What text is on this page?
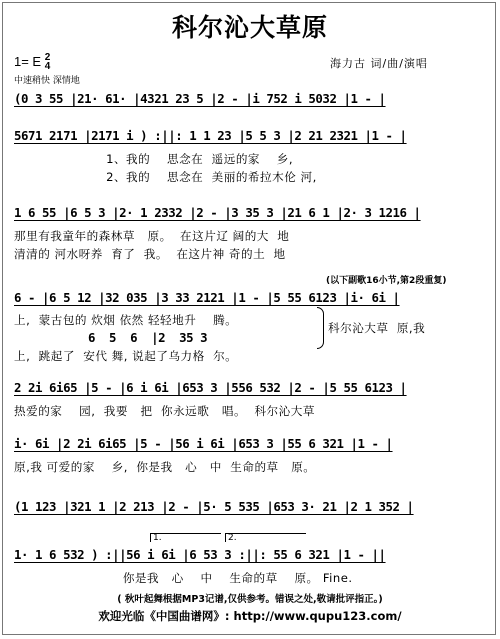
科尔沁大草原
1= E 2
4
中速稍快 深情地
海力古 词/曲/演唱
(0 3 55 |21· 61· |4321 23 5 |2 - |i 752 i 5032 |1 - |
5671 2171 |2171 i ) :||: 1 1 23 |5 5 3 |2 21 2321 |1 - |
1、我的    思念在  遥远的家    乡,
2、我的    思念在  美丽的希拉木伦 河,
1 6 55 |6 5 3 |2· 1 2332 |2 - |3 35 3 |21 6 1 |2· 3 1216 |
那里有我童年的森林草   原。  在这片辽 阔的大  地
清清的 河水呀养  育了  我。  在这片神 奇的土  地
(以下副歌16小节,第2段重复)
6 - |6 5 12 |32 035 |3 33 2121 |1 - |5 55 6123 |i· 6i |
上,  蒙古包的 炊烟 依然 轻轻地升    腾。
6  5  6  |2  35 3
上,  跳起了  安代 舞, 说起了乌力格  尔。
科尔沁大草  原,我
2 2i 6i65 |5 - |6 i 6i |653 3 |556 532 |2 - |5 55 6123 |
热爱的家    园,  我要   把  你永远歌   唱。  科尔沁大草
i· 6i |2 2i 6i65 |5 - |56 i 6i |653 3 |55 6 321 |1 - |
原,我 可爱的家    乡,  你是我   心   中  生命的草   原。
(1 123 |321 1 |2 213 |2 - |5· 5 535 |653 3· 21 |2 1 352 |
1.	2.
1· 1 6 532 ) :||56 i 6i |6 53 3 :||: 55 6 321 |1 - ||
你是我   心    中    生命的草    原。 Fine.
( 秋叶起舞根据MP3记谱,仅供参考。错误之处,敬请批评指正。)
欢迎光临《中国曲谱网》: http://www.qupu123.com/
